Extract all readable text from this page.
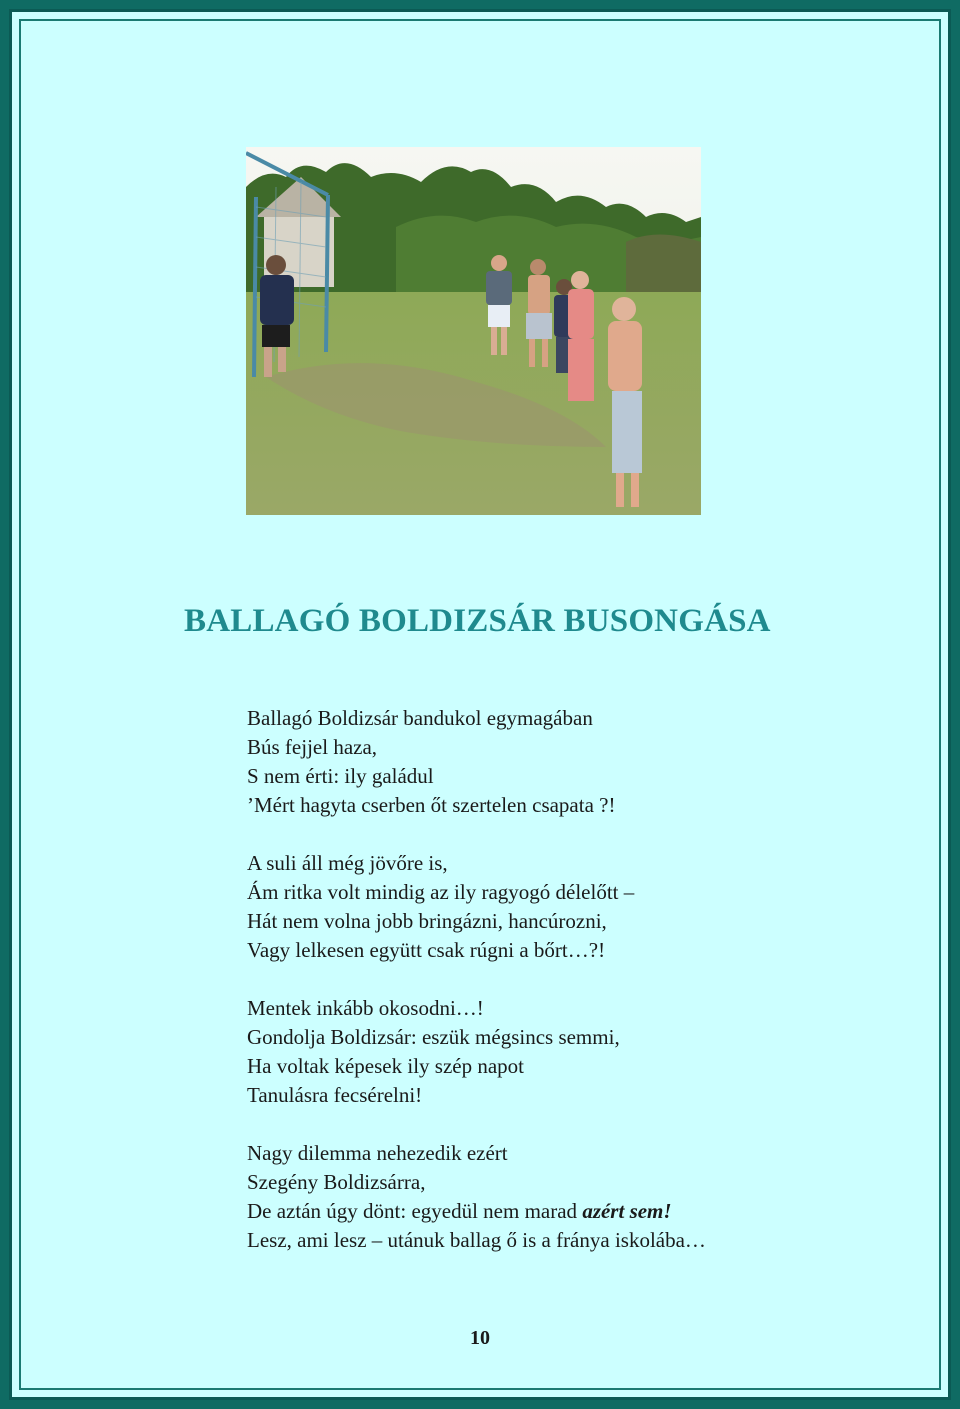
BALLAGÓ BOLDIZSÁR BUSONGÁSA
Ballagó Boldizsár bandukol egymagában
Bús fejjel haza,
S nem érti: ily galádul
’Mért hagyta cserben őt szertelen csapata ?!
A suli áll még jövőre is,
Ám ritka volt mindig az ily ragyogó délelőtt –
Hát nem volna jobb bringázni, hancúrozni,
Vagy lelkesen együtt csak rúgni a bőrt…?!
Mentek inkább okosodni…!
Gondolja Boldizsár: eszük mégsincs semmi,
Ha voltak képesek ily szép napot
Tanulásra fecsérelni!
Nagy dilemma nehezedik ezért
Szegény Boldizsárra,
De aztán úgy dönt: egyedül nem marad azért sem!
Lesz, ami lesz – utánuk ballag ő is a fránya iskolába…
10
